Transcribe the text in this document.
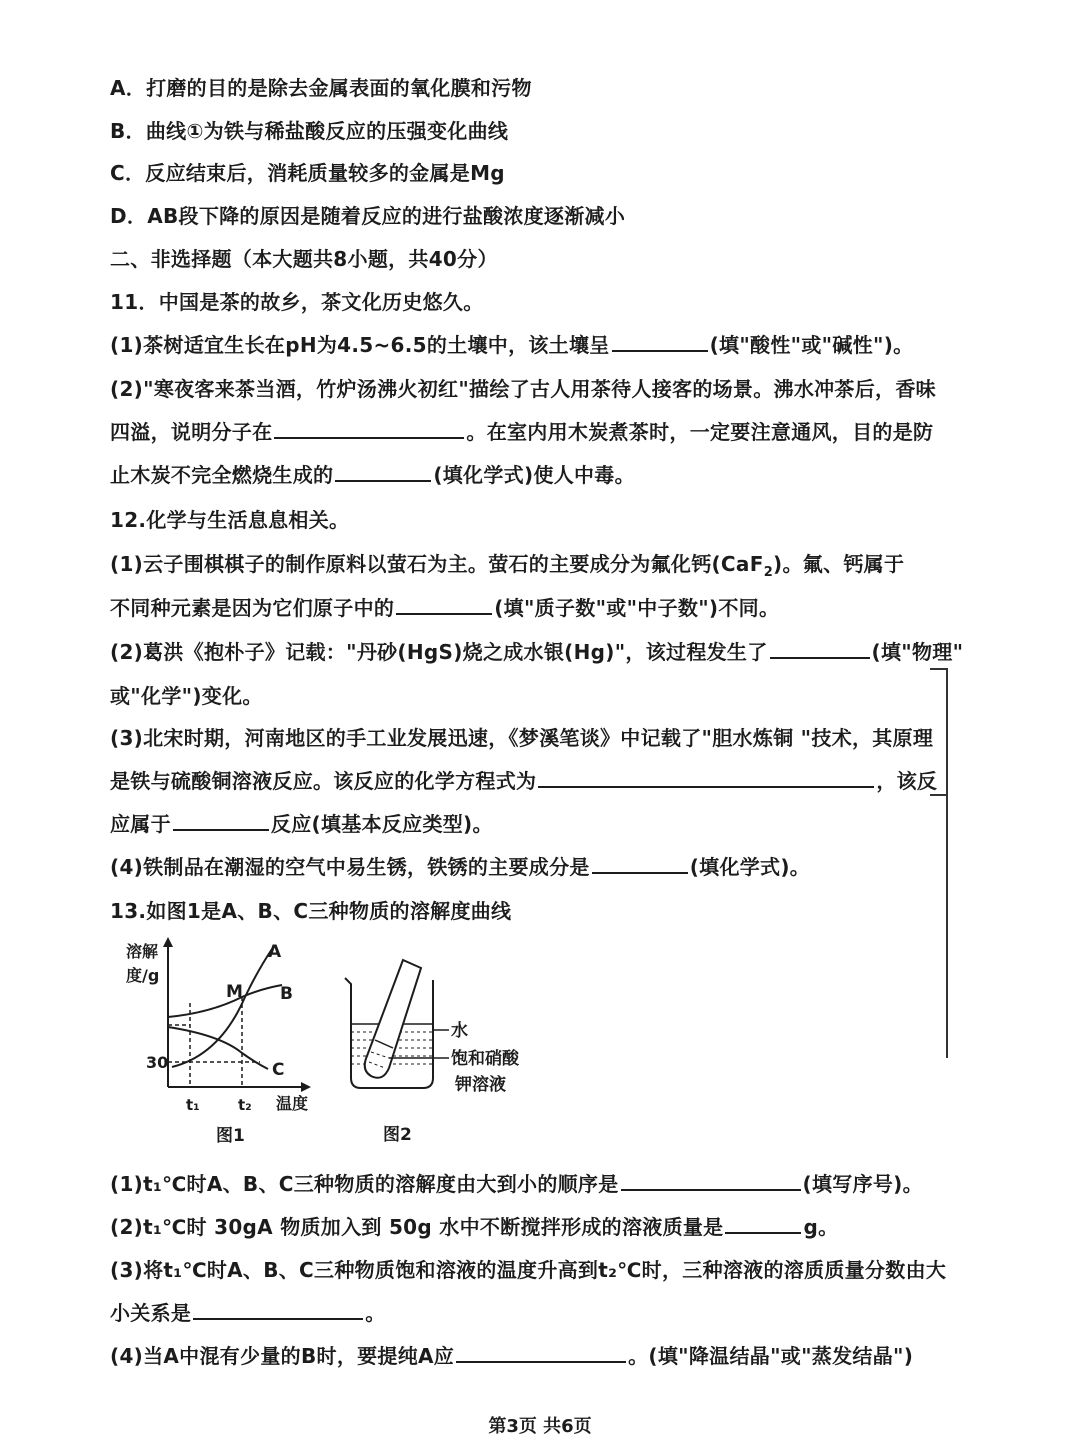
A．打磨的目的是除去金属表面的氧化膜和污物
B．曲线①为铁与稀盐酸反应的压强变化曲线
C．反应结束后，消耗质量较多的金属是Mg
D．AB段下降的原因是随着反应的进行盐酸浓度逐渐减小
二、非选择题（本大题共8小题，共40分）
11．中国是茶的故乡，茶文化历史悠久。
(1)茶树适宜生长在pH为4.5~6.5的土壤中，该土壤呈	(填"酸性"或"碱性")。
(2)"寒夜客来茶当酒，竹炉汤沸火初红"描绘了古人用茶待人接客的场景。沸水冲茶后，香味
四溢，说明分子在	。在室内用木炭煮茶时，一定要注意通风，目的是防
止木炭不完全燃烧生成的	(填化学式)使人中毒。
12.化学与生活息息相关。
(1)云子围棋棋子的制作原料以萤石为主。萤石的主要成分为氟化钙(CaF$_2$)。氟、钙属于
不同种元素是因为它们原子中的	(填"质子数"或"中子数")不同。
(2)葛洪《抱朴子》记载："丹砂(HgS)烧之成水银(Hg)"，该过程发生了	(填"物理"
或"化学")变化。
(3)北宋时期，河南地区的手工业发展迅速，《梦溪笔谈》中记载了"胆水炼铜 "技术，其原理
是铁与硫酸铜溶液反应。该反应的化学方程式为	，该反
应属于	反应(填基本反应类型)。
(4)铁制品在潮湿的空气中易生锈，铁锈的主要成分是	(填化学式)。
13.如图1是A、B、C三种物质的溶解度曲线
溶解
度/g
A
M B
C
30
t₁	t₂ 温度
图1
水
饱和硝酸
钾溶液
图2
(1)t₁℃时A、B、C三种物质的溶解度由大到小的顺序是	(填写序号)。
(2)t₁℃时 30gA 物质加入到 50g 水中不断搅拌形成的溶液质量是	g。
(3)将t₁℃时A、B、C三种物质饱和溶液的温度升高到t₂℃时，三种溶液的溶质质量分数由大
小关系是	。
(4)当A中混有少量的B时，要提纯A应	。(填"降温结晶"或"蒸发结晶")
第3页 共6页
